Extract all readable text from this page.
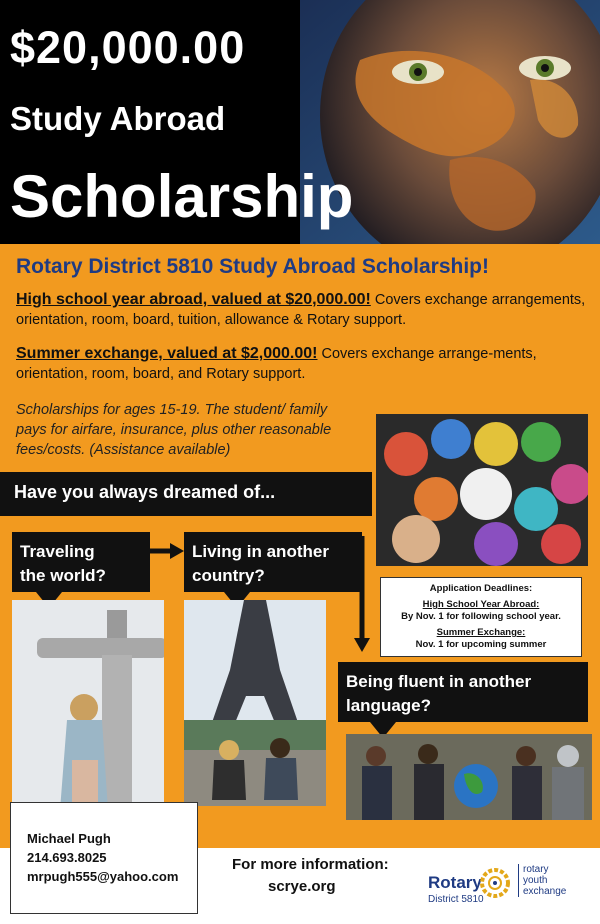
$20,000.00
Study Abroad
Scholarship
Rotary District 5810 Study Abroad Scholarship!
High school year abroad, valued at $20,000.00! Covers exchange arrangements, orientation, room, board, tuition, allowance & Rotary support.
Summer exchange, valued at $2,000.00! Covers exchange arrange-ments, orientation, room, board, and Rotary support.
Scholarships for ages 15-19. The student/ family pays for airfare, insurance, plus other reasonable fees/costs. (Assistance available)
Have you always dreamed of...
Traveling
the world?
Living in another
country?
Being fluent in another
language?
Application Deadlines:
High School Year Abroad:
By Nov. 1 for following school year.
Summer Exchange:
Nov. 1 for upcoming summer
For more information:
scrye.org	Rotary
District 5810
rotary
youth
exchange
Michael Pugh
214.693.8025
mrpugh555@yahoo.com
